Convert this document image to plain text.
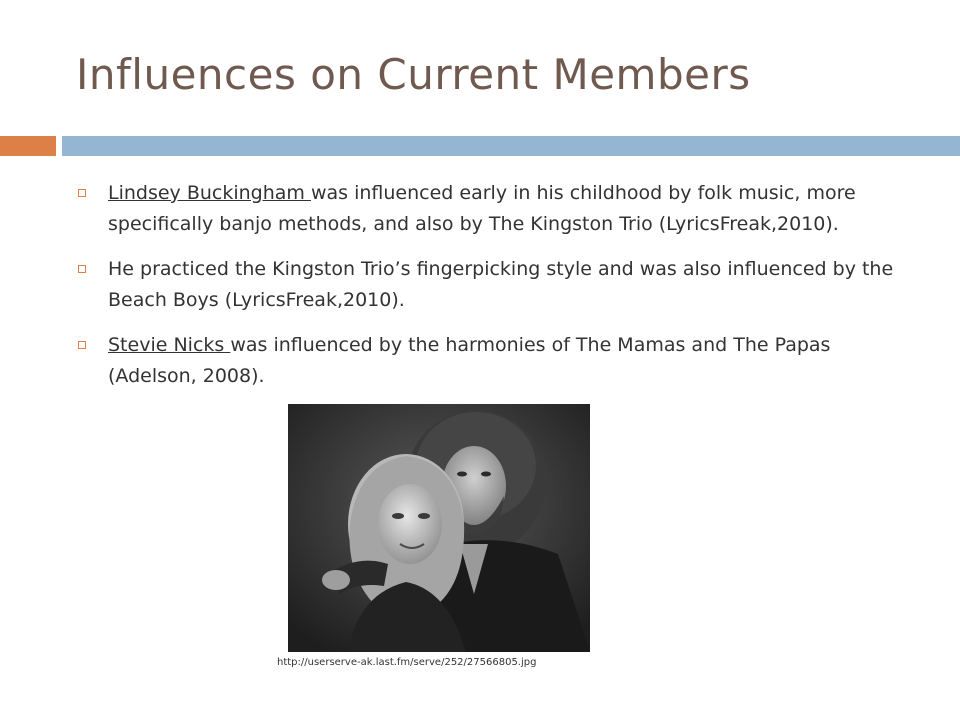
Influences on Current Members
Lindsey Buckingham was influenced early in his childhood by folk music, more specifically banjo methods, and also by The Kingston Trio (LyricsFreak,2010).
He practiced the Kingston Trio’s fingerpicking style and was also influenced by the Beach Boys (LyricsFreak,2010).
Stevie Nicks was influenced by the harmonies of The Mamas and The Papas (Adelson, 2008).
http://userserve-ak.last.fm/serve/252/27566805.jpg
